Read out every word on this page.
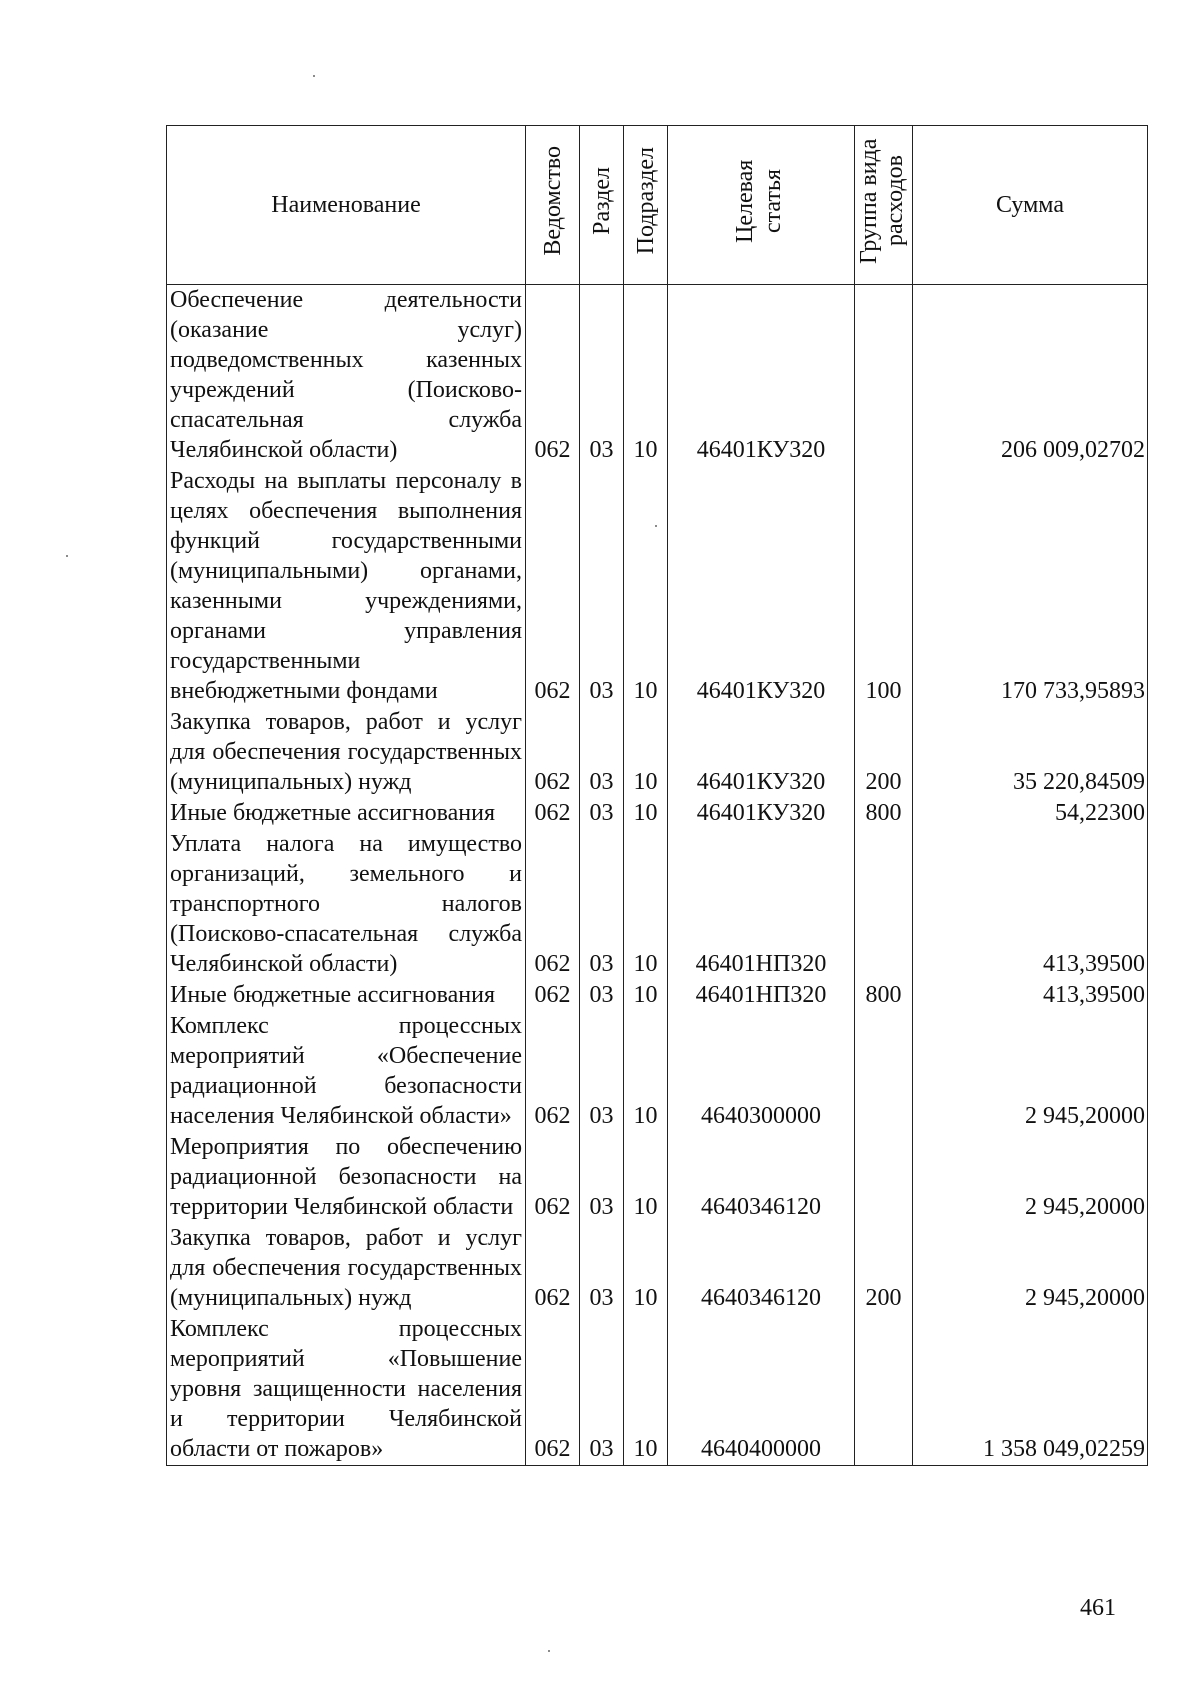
Наименование	Ведомство	Раздел	Подраздел	Целевая статья	Группа вида расходов	Сумма
Обеспечение деятельности (оказание услуг) подведомственных казенных учреждений (Поисково-спасательная служба Челябинской области)	062	03	10	46401КУ320		206 009,02702
Расходы на выплаты персоналу в целях обеспечения выполнения функций государственными (муниципальными) органами, казенными учреждениями, органами управления государственными внебюджетными фондами	062	03	10	46401КУ320	100	170 733,95893
Закупка товаров, работ и услуг для обеспечения государственных (муниципальных) нужд	062	03	10	46401КУ320	200	35 220,84509
Иные бюджетные ассигнования	062	03	10	46401КУ320	800	54,22300
Уплата налога на имущество организаций, земельного и транспортного налогов (Поисково-спасательная служба Челябинской области)	062	03	10	46401НП320		413,39500
Иные бюджетные ассигнования	062	03	10	46401НП320	800	413,39500
Комплекс процессных мероприятий «Обеспечение радиационной безопасности населения Челябинской области»	062	03	10	4640300000		2 945,20000
Мероприятия по обеспечению радиационной безопасности на территории Челябинской области	062	03	10	4640346120		2 945,20000
Закупка товаров, работ и услуг для обеспечения государственных (муниципальных) нужд	062	03	10	4640346120	200	2 945,20000
Комплекс процессных мероприятий «Повышение уровня защищенности населения и территории Челябинской области от пожаров»	062	03	10	4640400000		1 358 049,02259
461
